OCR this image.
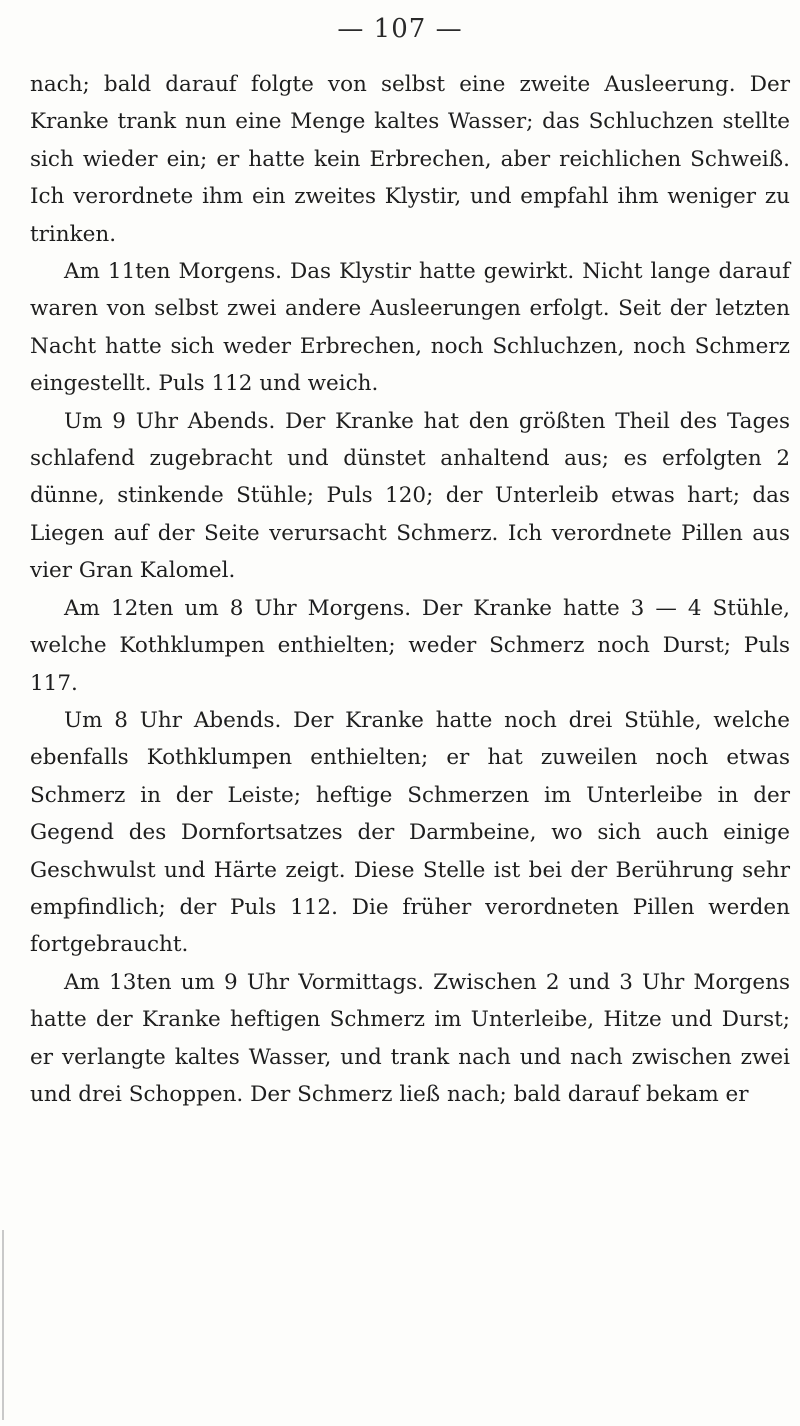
— 107 —

nach; bald darauf folgte von selbst eine zweite Ausleerung. Der Kranke trank nun eine Menge kaltes Wasser; das Schluchzen stellte sich wieder ein; er hatte kein Erbrechen, aber reichlichen Schweiß. Ich verordnete ihm ein zweites Klystir, und empfahl ihm weniger zu trinken.

Am 11ten Morgens. Das Klystir hatte gewirkt. Nicht lange darauf waren von selbst zwei andere Ausleerungen erfolgt. Seit der letzten Nacht hatte sich weder Erbrechen, noch Schluchzen, noch Schmerz eingestellt. Puls 112 und weich.

Um 9 Uhr Abends. Der Kranke hat den größten Theil des Tages schlafend zugebracht und dünstet anhaltend aus; es erfolgten 2 dünne, stinkende Stühle; Puls 120; der Unterleib etwas hart; das Liegen auf der Seite verursacht Schmerz. Ich verordnete Pillen aus vier Gran Kalomel.

Am 12ten um 8 Uhr Morgens. Der Kranke hatte 3 — 4 Stühle, welche Kothklumpen enthielten; weder Schmerz noch Durst; Puls 117.

Um 8 Uhr Abends. Der Kranke hatte noch drei Stühle, welche ebenfalls Kothklumpen enthielten; er hat zuweilen noch etwas Schmerz in der Leiste; heftige Schmerzen im Unterleibe in der Gegend des Dornfortsatzes der Darmbeine, wo sich auch einige Geschwulst und Härte zeigt. Diese Stelle ist bei der Berührung sehr empfindlich; der Puls 112. Die früher verordneten Pillen werden fortgebraucht.

Am 13ten um 9 Uhr Vormittags. Zwischen 2 und 3 Uhr Morgens hatte der Kranke heftigen Schmerz im Unterleibe, Hitze und Durst; er verlangte kaltes Wasser, und trank nach und nach zwischen zwei und drei Schoppen. Der Schmerz ließ nach; bald darauf bekam er
